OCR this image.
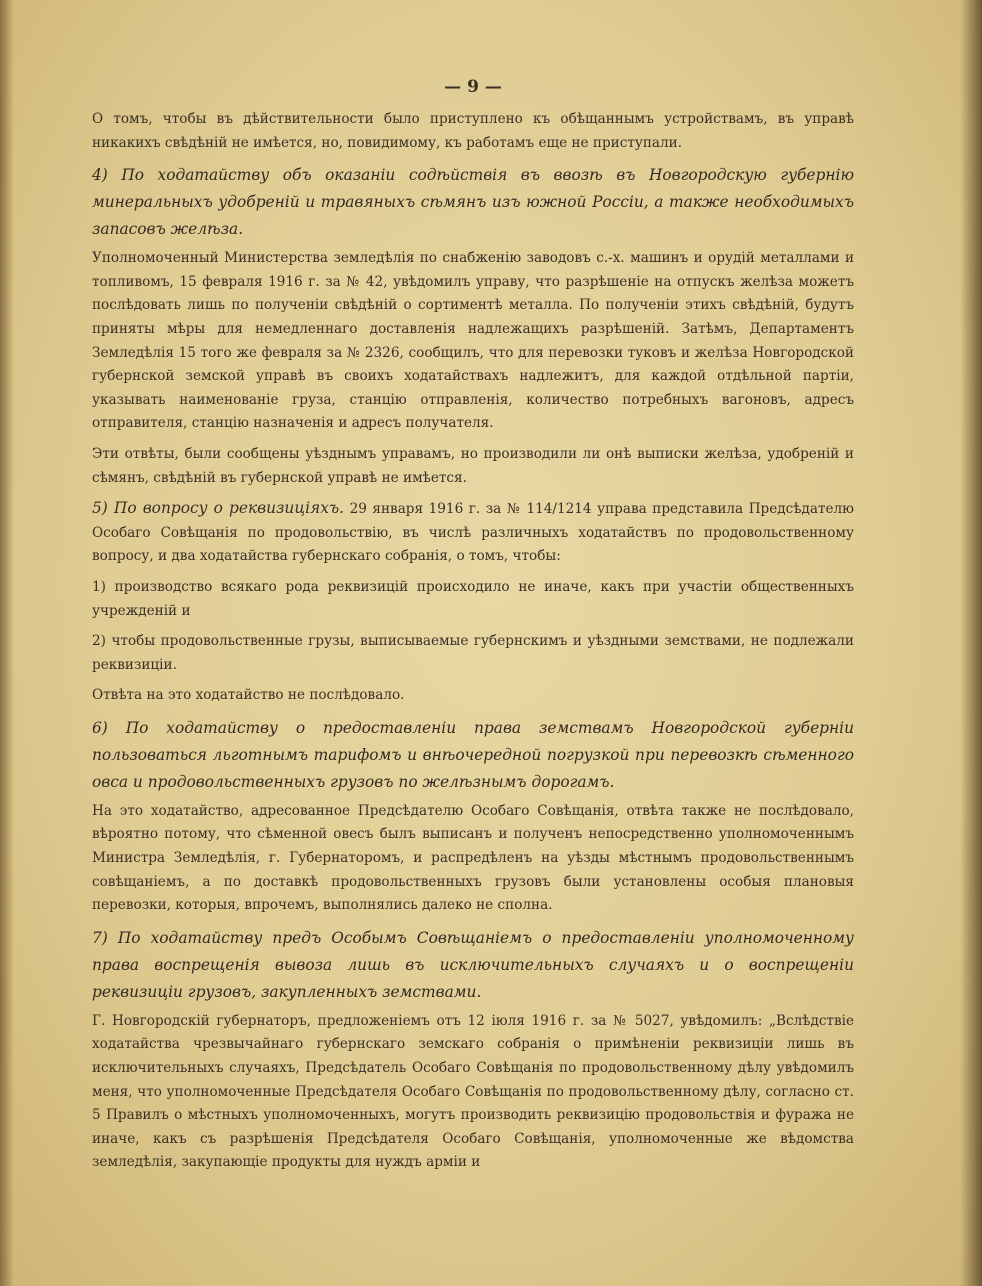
— 9 —

О томъ, чтобы въ дѣйствительности было приступлено къ обѣщаннымъ устройствамъ, въ управѣ никакихъ свѣдѣній не имѣется, но, повидимому, къ работамъ еще не приступали.

4) По ходатайству объ оказаніи содѣйствія въ ввозѣ въ Новгородскую губернію минеральныхъ удобреній и травяныхъ сѣмянъ изъ южной Россіи, а также необходимыхъ запасовъ желѣза.

Уполномоченный Министерства земледѣлія по снабженію заводовъ с.-х. машинъ и орудій металлами и топливомъ, 15 февраля 1916 г. за № 42, увѣдомилъ управу, что разрѣшеніе на отпускъ желѣза можетъ послѣдовать лишь по полученіи свѣдѣній о сортиментѣ металла. По полученіи этихъ свѣдѣній, будутъ приняты мѣры для немедленнаго доставленія надлежащихъ разрѣшеній. Затѣмъ, Департаментъ Земледѣлія 15 того же февраля за № 2326, сообщилъ, что для перевозки туковъ и желѣза Новгородской губернской земской управѣ въ своихъ ходатайствахъ надлежитъ, для каждой отдѣльной партіи, указывать наименованіе груза, станцію отправленія, количество потребныхъ вагоновъ, адресъ отправителя, станцію назначенія и адресъ получателя.

Эти отвѣты, были сообщены уѣзднымъ управамъ, но производили ли онѣ выписки желѣза, удобреній и сѣмянъ, свѣдѣній въ губернской управѣ не имѣется.

5) По вопросу о реквизиціяхъ. 29 января 1916 г. за № 114/1214 управа представила Предсѣдателю Особаго Совѣщанія по продовольствію, въ числѣ различныхъ ходатайствъ по продовольственному вопросу, и два ходатайства губернскаго собранія, о томъ, чтобы:

1) производство всякаго рода реквизицій происходило не иначе, какъ при участіи общественныхъ учрежденій и

2) чтобы продовольственные грузы, выписываемые губернскимъ и уѣздными земствами, не подлежали реквизиціи.

Отвѣта на это ходатайство не послѣдовало.

6) По ходатайству о предоставленіи права земствамъ Новгородской губерніи пользоваться льготнымъ тарифомъ и внѣочередной погрузкой при перевозкѣ сѣменного овса и продовольственныхъ грузовъ по желѣзнымъ дорогамъ.

На это ходатайство, адресованное Предсѣдателю Особаго Совѣщанія, отвѣта также не послѣдовало, вѣроятно потому, что сѣменной овесъ былъ выписанъ и полученъ непосредственно уполномоченнымъ Министра Земледѣлія, г. Губернаторомъ, и распредѣленъ на уѣзды мѣстнымъ продовольственнымъ совѣщаніемъ, а по доставкѣ продовольственныхъ грузовъ были установлены особыя плановыя перевозки, которыя, впрочемъ, выполнялись далеко не сполна.

7) По ходатайству предъ Особымъ Совѣщаніемъ о предоставленіи уполномоченному права воспрещенія вывоза лишь въ исключительныхъ случаяхъ и о воспрещеніи реквизиціи грузовъ, закупленныхъ земствами.

Г. Новгородскій губернаторъ, предложеніемъ отъ 12 іюля 1916 г. за № 5027, увѣдомилъ: „Вслѣдствіе ходатайства чрезвычайнаго губернскаго земскаго собранія о примѣненіи реквизиціи лишь въ исключительныхъ случаяхъ, Предсѣдатель Особаго Совѣщанія по продовольственному дѣлу увѣдомилъ меня, что уполномоченные Предсѣдателя Особаго Совѣщанія по продовольственному дѣлу, согласно ст. 5 Правилъ о мѣстныхъ уполномоченныхъ, могутъ производить реквизицію продовольствія и фуража не иначе, какъ съ разрѣшенія Предсѣдателя Особаго Совѣщанія, уполномоченные же вѣдомства земледѣлія, закупающіе продукты для нуждъ арміи и
